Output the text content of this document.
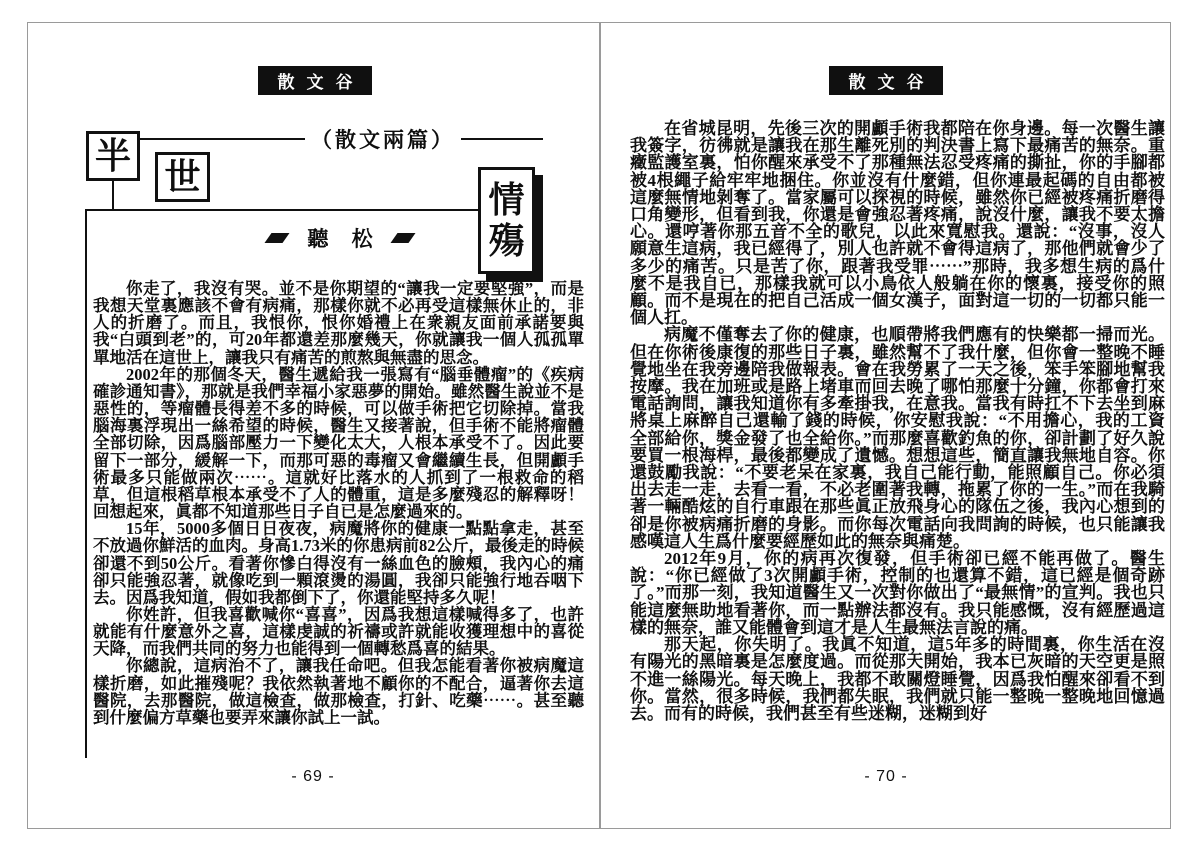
散文谷
（散文兩篇）
半
世
情
殤
聽 松

你走了，我沒有哭。並不是你期望的“讓我一定要堅強”，而是我想天堂裏應該不會有病痛，那樣你就不必再受這樣無休止的，非人的折磨了。而且，我恨你，恨你婚禮上在衆親友面前承諾要與我“白頭到老”的，可20年都還差那麼幾天，你就讓我一個人孤孤單單地活在這世上，讓我只有痛苦的煎熬與無盡的思念。

2002年的那個冬天，醫生遞給我一張寫有“腦垂體瘤”的《疾病確診通知書》，那就是我們幸福小家惡夢的開始。雖然醫生說並不是惡性的，等瘤體長得差不多的時候，可以做手術把它切除掉。當我腦海裏浮現出一絲希望的時候，醫生又接著說，但手術不能將瘤體全部切除，因爲腦部壓力一下變化太大，人根本承受不了。因此要留下一部分，緩解一下，而那可惡的毒瘤又會繼續生長，但開顱手術最多只能做兩次⋯⋯。這就好比落水的人抓到了一根救命的稻草，但這根稻草根本承受不了人的體重，這是多麼殘忍的解釋呀！回想起來，眞都不知道那些日子自已是怎麼過來的。

15年，5000多個日日夜夜，病魔將你的健康一點點拿走，甚至不放過你鮮活的血肉。身高1.73米的你患病前82公斤，最後走的時候卻還不到50公斤。看著你慘白得沒有一絲血色的臉頰，我內心的痛卻只能強忍著，就像吃到一顆滾燙的湯圓，我卻只能強行地吞咽下去。因爲我知道，假如我都倒下了，你還能堅持多久呢！

你姓許，但我喜歡喊你“喜喜”，因爲我想這樣喊得多了，也許就能有什麼意外之喜，這樣虔誠的祈禱或許就能收獲理想中的喜從天降，而我們共同的努力也能得到一個轉愁爲喜的結果。

你總說，這病治不了，讓我任命吧。但我怎能看著你被病魔這樣折磨，如此摧殘呢？我依然執著地不顧你的不配合，逼著你去這醫院，去那醫院，做這檢查，做那檢查，打針、吃藥⋯⋯。甚至聽到什麼偏方草藥也要弄來讓你試上一試。

- 69 -
散文谷

在省城昆明，先後三次的開顱手術我都陪在你身邊。每一次醫生讓我簽字，彷彿就是讓我在那生離死別的判決書上寫下最痛苦的無奈。重癥監護室裏，怕你醒來承受不了那種無法忍受疼痛的撕扯，你的手腳都被4根繩子給牢牢地捆住。你並沒有什麼錯，但你連最起碼的自由都被這麼無情地剝奪了。當家屬可以探視的時候，雖然你已經被疼痛折磨得口角變形，但看到我，你還是會強忍著疼痛，說沒什麼，讓我不要太擔心。還哼著你那五音不全的歌兒，以此來寬慰我。還說：“沒事，沒人願意生這病，我已經得了，別人也許就不會得這病了，那他們就會少了多少的痛苦。只是苦了你，跟著我受罪⋯⋯”那時，我多想生病的爲什麼不是我自已，那樣我就可以小鳥依人般躺在你的懷裏，接受你的照顧。而不是現在的把自己活成一個女漢子，面對這一切的一切都只能一個人扛。

病魔不僅奪去了你的健康，也順帶將我們應有的快樂都一掃而光。但在你術後康復的那些日子裏，雖然幫不了我什麼，但你會一整晚不睡覺地坐在我旁邊陪我做報表。會在我勞累了一天之後，笨手笨腳地幫我按摩。我在加班或是路上堵車而回去晚了哪怕那麼十分鐘，你都會打來電話詢問，讓我知道你有多牽掛我，在意我。當我有時扛不下去坐到麻將桌上麻醉自己還輸了錢的時候，你安慰我說：“不用擔心，我的工資全部給你，獎金發了也全給你。”而那麼喜歡釣魚的你，卻計劃了好久說要買一根海桿，最後都變成了遺憾。想想這些，簡直讓我無地自容。你還鼓勵我說：“不要老呆在家裏，我自己能行動，能照顧自己。你必須出去走一走，去看一看，不必老圍著我轉，拖累了你的一生。”而在我騎著一輛酷炫的自行車跟在那些眞正放飛身心的隊伍之後，我內心想到的卻是你被病痛折磨的身影。而你每次電話向我問詢的時候，也只能讓我感嘆這人生爲什麼要經歷如此的無奈與痛楚。

2012年9月，你的病再次復發，但手術卻已經不能再做了。醫生說：“你已經做了3次開顱手術，控制的也還算不錯，這已經是個奇跡了。”而那一刻，我知道醫生又一次對你做出了“最無情”的宣判。我也只能這麼無助地看著你，而一點辦法都沒有。我只能感慨，沒有經歷過這樣的無奈，誰又能體會到這才是人生最無法言說的痛。

那天起，你失明了。我眞不知道，這5年多的時間裏，你生活在沒有陽光的黑暗裏是怎麼度過。而從那天開始，我本已灰暗的天空更是照不進一絲陽光。每天晚上，我都不敢關燈睡覺，因爲我怕醒來卻看不到你。當然，很多時候，我們都失眠，我們就只能一整晚一整晚地回憶過去。而有的時候，我們甚至有些迷糊，迷糊到好

- 70 -
